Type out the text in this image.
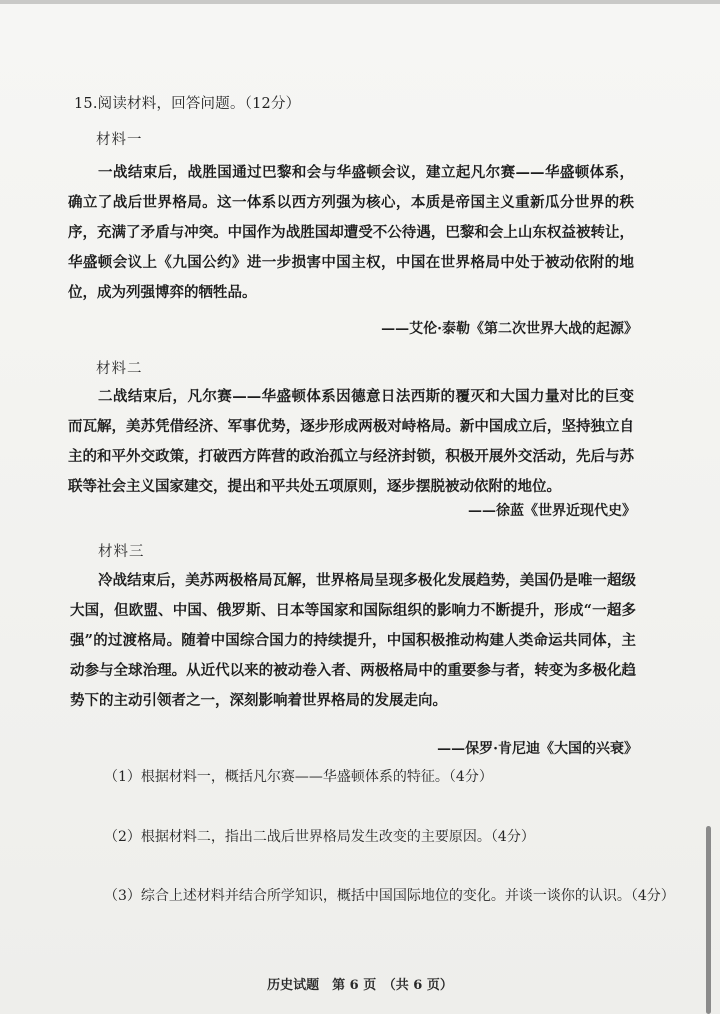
15.阅读材料，回答问题。（12分）
材料一
一战结束后，战胜国通过巴黎和会与华盛顿会议，建立起凡尔赛——华盛顿体系，确立了战后世界格局。这一体系以西方列强为核心，本质是帝国主义重新瓜分世界的秩序，充满了矛盾与冲突。中国作为战胜国却遭受不公待遇，巴黎和会上山东权益被转让，华盛顿会议上《九国公约》进一步损害中国主权，中国在世界格局中处于被动依附的地位，成为列强博弈的牺牲品。
——艾伦·泰勒《第二次世界大战的起源》
材料二
二战结束后，凡尔赛——华盛顿体系因德意日法西斯的覆灭和大国力量对比的巨变而瓦解，美苏凭借经济、军事优势，逐步形成两极对峙格局。新中国成立后，坚持独立自主的和平外交政策，打破西方阵营的政治孤立与经济封锁，积极开展外交活动，先后与苏联等社会主义国家建交，提出和平共处五项原则，逐步摆脱被动依附的地位。
——徐蓝《世界近现代史》
材料三
冷战结束后，美苏两极格局瓦解，世界格局呈现多极化发展趋势，美国仍是唯一超级大国，但欧盟、中国、俄罗斯、日本等国家和国际组织的影响力不断提升，形成“一超多强”的过渡格局。随着中国综合国力的持续提升，中国积极推动构建人类命运共同体，主动参与全球治理。从近代以来的被动卷入者、两极格局中的重要参与者，转变为多极化趋势下的主动引领者之一，深刻影响着世界格局的发展走向。
——保罗·肯尼迪《大国的兴衰》
（1）根据材料一，概括凡尔赛——华盛顿体系的特征。（4分）
（2）根据材料二，指出二战后世界格局发生改变的主要原因。（4分）
（3）综合上述材料并结合所学知识，概括中国国际地位的变化。并谈一谈你的认识。（4分）
历史试题　第 6 页　（共 6 页）
